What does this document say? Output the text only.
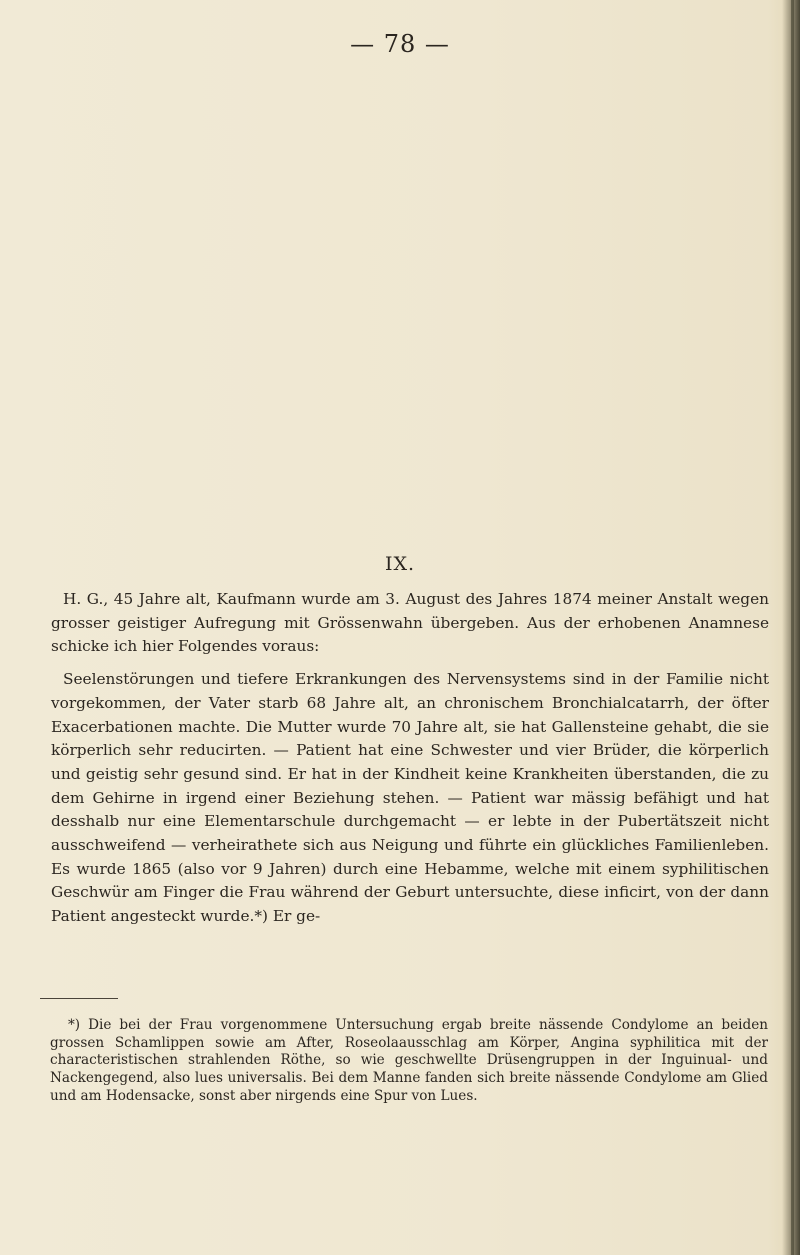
— 78 —
IX.

H. G., 45 Jahre alt, Kaufmann wurde am 3. August des Jahres 1874 meiner Anstalt wegen grosser geistiger Aufregung mit Grössenwahn übergeben. Aus der erhobenen Anamnese schicke ich hier Folgendes voraus:

Seelenstörungen und tiefere Erkrankungen des Nervensystems sind in der Familie nicht vorgekommen, der Vater starb 68 Jahre alt, an chronischem Bronchialcatarrh, der öfter Exacerbationen machte. Die Mutter wurde 70 Jahre alt, sie hat Gallensteine gehabt, die sie körperlich sehr reducirten. — Patient hat eine Schwester und vier Brüder, die körperlich und geistig sehr gesund sind. Er hat in der Kindheit keine Krankheiten überstanden, die zu dem Gehirne in irgend einer Beziehung stehen. — Patient war mässig befähigt und hat desshalb nur eine Elementarschule durchgemacht — er lebte in der Pubertätszeit nicht ausschweifend — verheirathete sich aus Neigung und führte ein glückliches Familienleben. Es wurde 1865 (also vor 9 Jahren) durch eine Hebamme, welche mit einem syphilitischen Geschwür am Finger die Frau während der Geburt untersuchte, diese inficirt, von der dann Patient angesteckt wurde.*) Er ge-

*) Die bei der Frau vorgenommene Untersuchung ergab breite nässende Condylome an beiden grossen Schamlippen sowie am After, Roseolaausschlag am Körper, Angina syphilitica mit der characteristischen strahlenden Röthe, so wie geschwellte Drüsengruppen in der Inguinual- und Nackengegend, also lues universalis. Bei dem Manne fanden sich breite nässende Condylome am Glied und am Hodensacke, sonst aber nirgends eine Spur von Lues.
